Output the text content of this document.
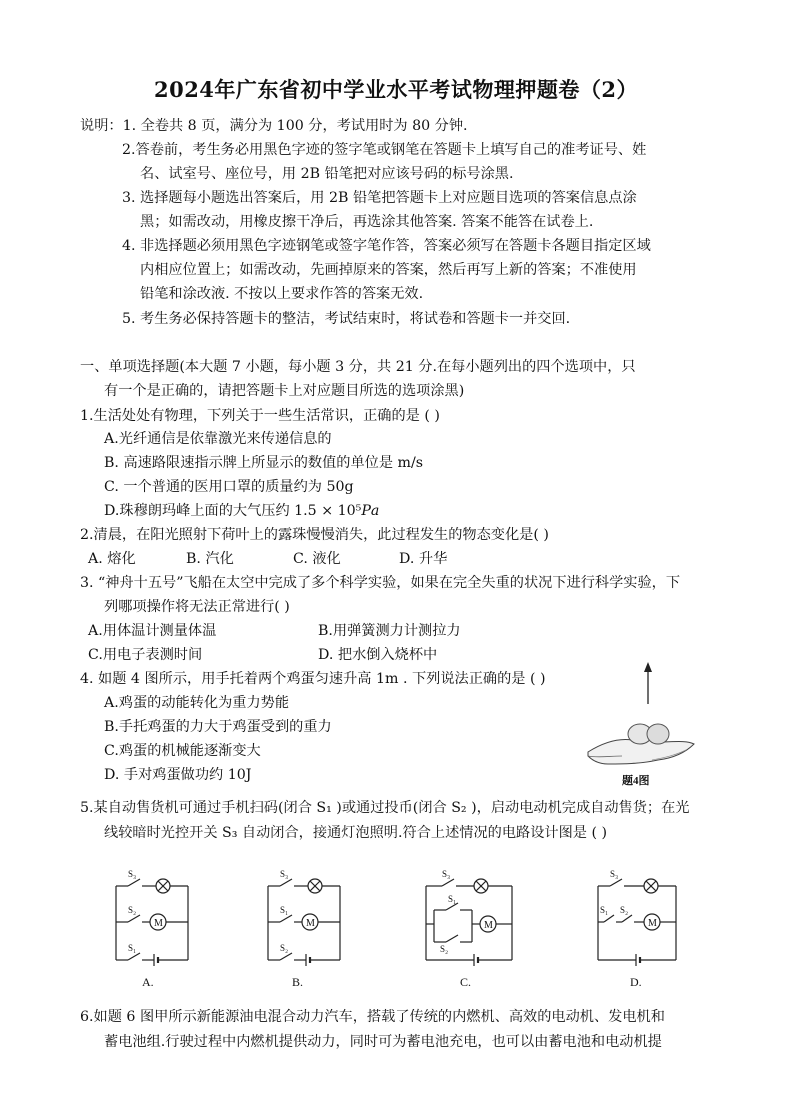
2024年广东省初中学业水平考试物理押题卷（2）
说明：1. 全卷共 8 页，满分为 100 分，考试用时为 80 分钟.
2.答卷前，考生务必用黑色字迹的签字笔或钢笔在答题卡上填写自己的准考证号、姓
名、试室号、座位号，用 2B 铅笔把对应该号码的标号涂黑.
3. 选择题每小题选出答案后，用 2B 铅笔把答题卡上对应题目选项的答案信息点涂
黑；如需改动，用橡皮擦干净后，再选涂其他答案. 答案不能答在试卷上.
4. 非选择题必须用黑色字迹钢笔或签字笔作答，答案必须写在答题卡各题目指定区域
内相应位置上；如需改动，先画掉原来的答案，然后再写上新的答案；不准使用
铅笔和涂改液. 不按以上要求作答的答案无效.
5. 考生务必保持答题卡的整洁，考试结束时，将试卷和答题卡一并交回.
一、单项选择题(本大题 7 小题，每小题 3 分，共 21 分.在每小题列出的四个选项中，只
有一个是正确的，请把答题卡上对应题目所选的选项涂黑)
1.生活处处有物理，下列关于一些生活常识，正确的是 ( )
A.光纤通信是依靠激光来传递信息的
B. 高速路限速指示牌上所显示的数值的单位是 m/s
C. 一个普通的医用口罩的质量约为 50g
D.珠穆朗玛峰上面的大气压约 1.5 × 10⁵𝑃𝑎
2.清晨，在阳光照射下荷叶上的露珠慢慢消失，此过程发生的物态变化是( )
A. 熔化	B. 汽化	C. 液化	D. 升华
3. “神舟十五号”飞船在太空中完成了多个科学实验，如果在完全失重的状况下进行科学实验，下
列哪项操作将无法正常进行( )
A.用体温计测量体温	B.用弹簧测力计测拉力
C.用电子表测时间	D. 把水倒入烧杯中
4. 如题 4 图所示，用手托着两个鸡蛋匀速升高 1m . 下列说法正确的是 ( )
A.鸡蛋的动能转化为重力势能
B.手托鸡蛋的力大于鸡蛋受到的重力
C.鸡蛋的机械能逐渐变大
D. 手对鸡蛋做功约 10J	题4图
5.某自动售货机可通过手机扫码(闭合 S₁ )或通过投币(闭合 S₂ )，启动电动机完成自动售货；在光
线较暗时光控开关 S₃ 自动闭合，接通灯泡照明.符合上述情况的电路设计图是 ( )
M
S₃
S₂
S₁
A.
M
S₃
S₁
S₂
B.
M
S₃
S₁
S₂
C.
M
S₃
S₁ S₂
D.
6.如题 6 图甲所示新能源油电混合动力汽车，搭载了传统的内燃机、高效的电动机、发电机和
蓄电池组.行驶过程中内燃机提供动力，同时可为蓄电池充电，也可以由蓄电池和电动机提
